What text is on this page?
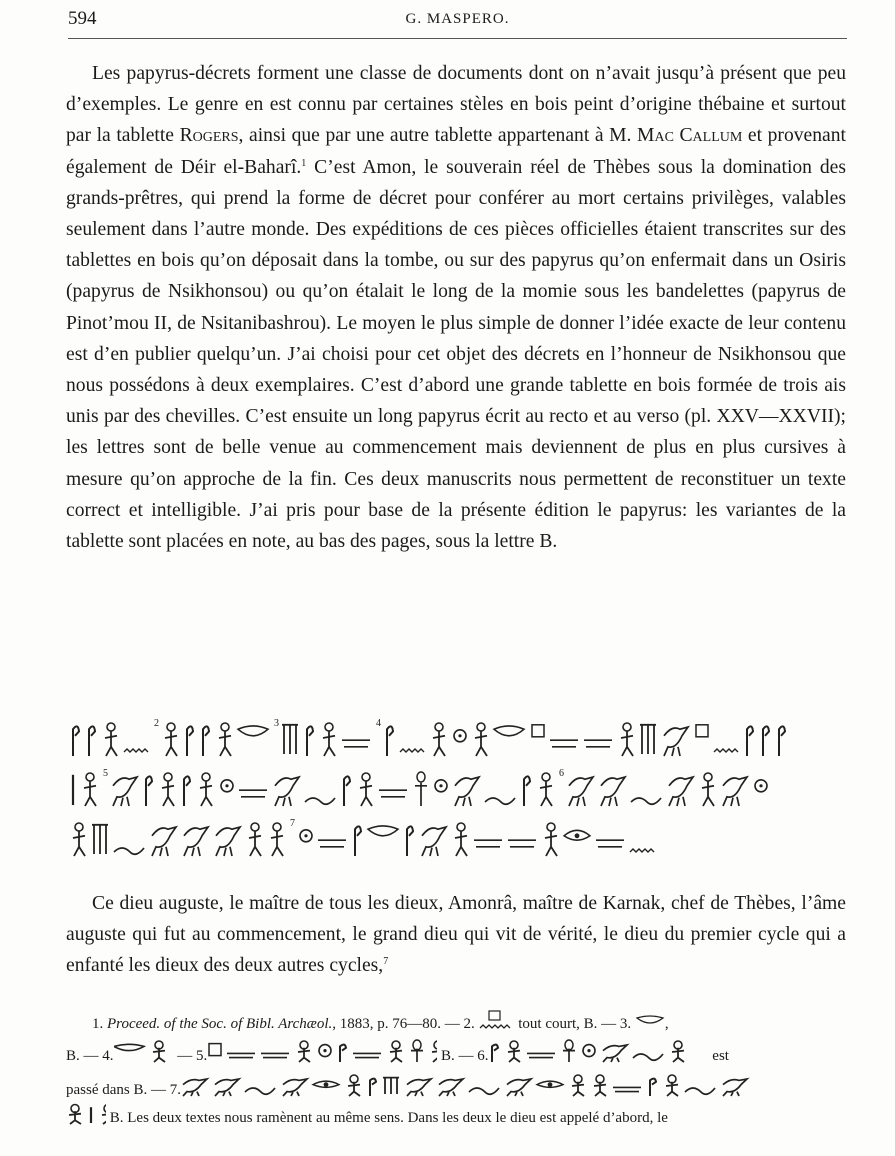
594	G. MASPERO.

Les papyrus-décrets forment une classe de documents dont on n’avait jusqu’à présent que peu d’exemples. Le genre en est connu par certaines stèles en bois peint d’origine thébaine et surtout par la tablette Rogers, ainsi que par une autre tablette appartenant à M. Mac Callum et provenant également de Déir el-Baharî.$^1$ C’est Amon, le souverain réel de Thèbes sous la domination des grands-prêtres, qui prend la forme de décret pour conférer au mort certains privilèges, valables seulement dans l’autre monde. Des expéditions de ces pièces officielles étaient transcrites sur des tablettes en bois qu’on déposait dans la tombe, ou sur des papyrus qu’on enfermait dans un Osiris (papyrus de Nsikhonsou) ou qu’on étalait le long de la momie sous les bandelettes (papyrus de Pinot’mou II, de Nsitanibashrou). Le moyen le plus simple de donner l’idée exacte de leur contenu est d’en publier quelqu’un. J’ai choisi pour cet objet des décrets en l’honneur de Nsikhonsou que nous possédons à deux exemplaires. C’est d’abord une grande tablette en bois formée de trois ais unis par des chevilles. C’est ensuite un long papyrus écrit au recto et au verso (pl. XXV—XXVII); les lettres sont de belle venue au commencement mais deviennent de plus en plus cursives à mesure qu’on approche de la fin. Ces deux manuscrits nous permettent de reconstituer un texte correct et intelligible. J’ai pris pour base de la présente édition le papyrus: les variantes de la tablette sont placées en note, au bas des pages, sous la lettre B.

2	3	4
5	6
7

Ce dieu auguste, le maître de tous les dieux, Amonrâ, maître de Karnak, chef de Thèbes, l’âme auguste qui fut au commencement, le grand dieu qui vit de vérité, le dieu du premier cycle qui a enfanté les dieux des deux autres cycles,$^7$

1. Proceed. of the Soc. of Bibl. Archæol., 1883, p. 76—80. — 2.	tout court, B. — 3. ,

B. — 4.	— 5.	B. — 6.	est

passé dans B. — 7.

B. Les deux textes nous ramènent au même sens. Dans les deux le dieu est appelé d’abord, le
